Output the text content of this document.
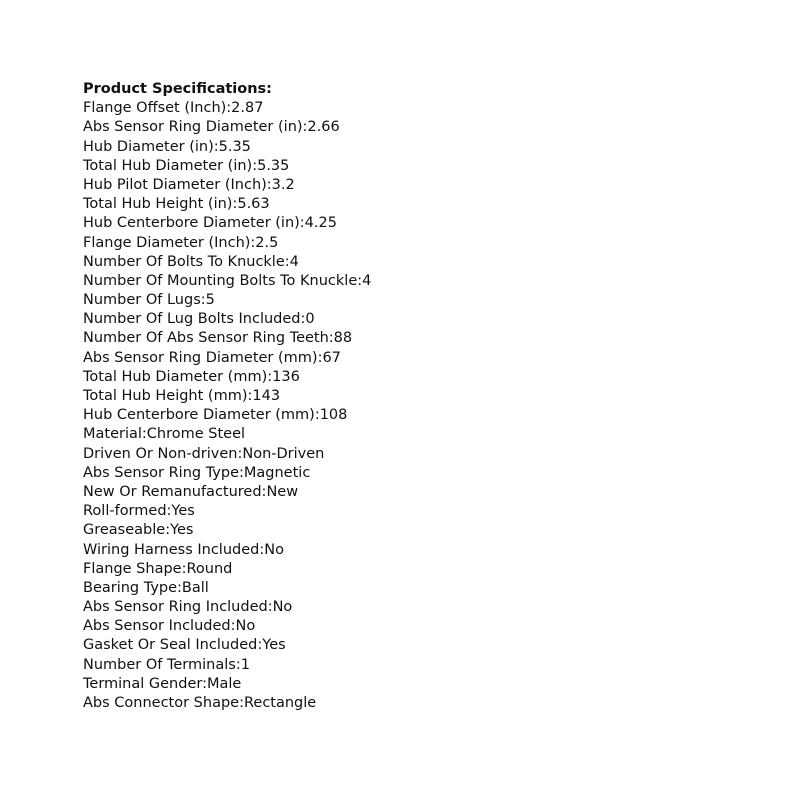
Product Specifications:
Flange Offset (Inch):2.87
Abs Sensor Ring Diameter (in):2.66
Hub Diameter (in):5.35
Total Hub Diameter (in):5.35
Hub Pilot Diameter (Inch):3.2
Total Hub Height (in):5.63
Hub Centerbore Diameter (in):4.25
Flange Diameter (Inch):2.5
Number Of Bolts To Knuckle:4
Number Of Mounting Bolts To Knuckle:4
Number Of Lugs:5
Number Of Lug Bolts Included:0
Number Of Abs Sensor Ring Teeth:88
Abs Sensor Ring Diameter (mm):67
Total Hub Diameter (mm):136
Total Hub Height (mm):143
Hub Centerbore Diameter (mm):108
Material:Chrome Steel
Driven Or Non-driven:Non-Driven
Abs Sensor Ring Type:Magnetic
New Or Remanufactured:New
Roll-formed:Yes
Greaseable:Yes
Wiring Harness Included:No
Flange Shape:Round
Bearing Type:Ball
Abs Sensor Ring Included:No
Abs Sensor Included:No
Gasket Or Seal Included:Yes
Number Of Terminals:1
Terminal Gender:Male
Abs Connector Shape:Rectangle
